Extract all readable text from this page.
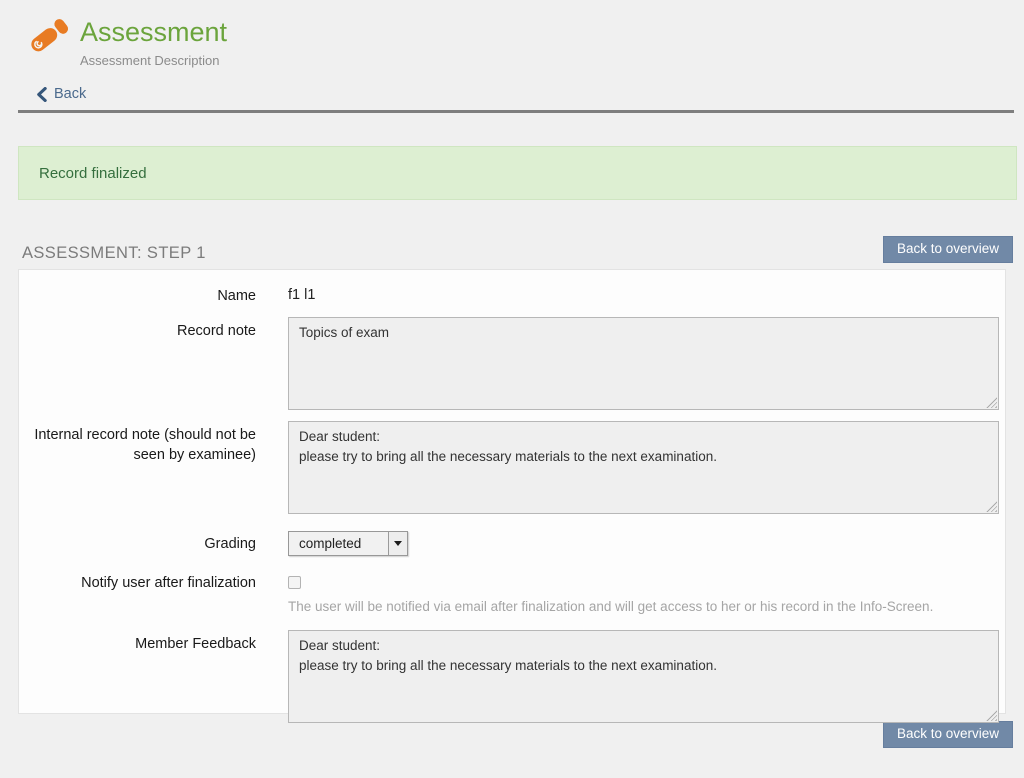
Assessment
Assessment Description
Back
Record finalized
ASSESSMENT: STEP 1	Back to overview
Name f1 l1
Record note
Topics of exam
Internal record note (should not be seen by examinee)
Dear student: please try to bring all the necessary materials to the next examination.
Grading	completed
Notify user after finalization
The user will be notified via email after finalization and will get access to her or his record in the Info-Screen.
Member Feedback
Dear student: please try to bring all the necessary materials to the next examination.
Back to overview
